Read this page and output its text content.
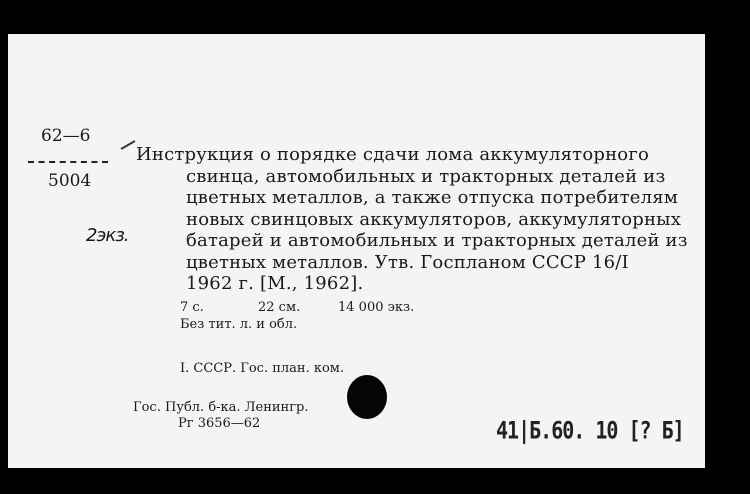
62—6
5004
2экз.
Инструкция о порядке сдачи лома аккумуляторного
свинца, автомобильных и тракторных деталей из
цветных металлов, а также отпуска потребителям
новых свинцовых аккумуляторов, аккумуляторных
батарей и автомобильных и тракторных деталей из
цветных металлов. Утв. Госпланом СССР 16/I
1962 г. [М., 1962].
7 с.	22 см.	14 000 экз.
Без тит. л. и обл.
I. СССР. Гос. план. ком.
Гос. Публ. б-ка. Ленингр.
Рг 3656—62	41|Б.60. 10 [? Б]
